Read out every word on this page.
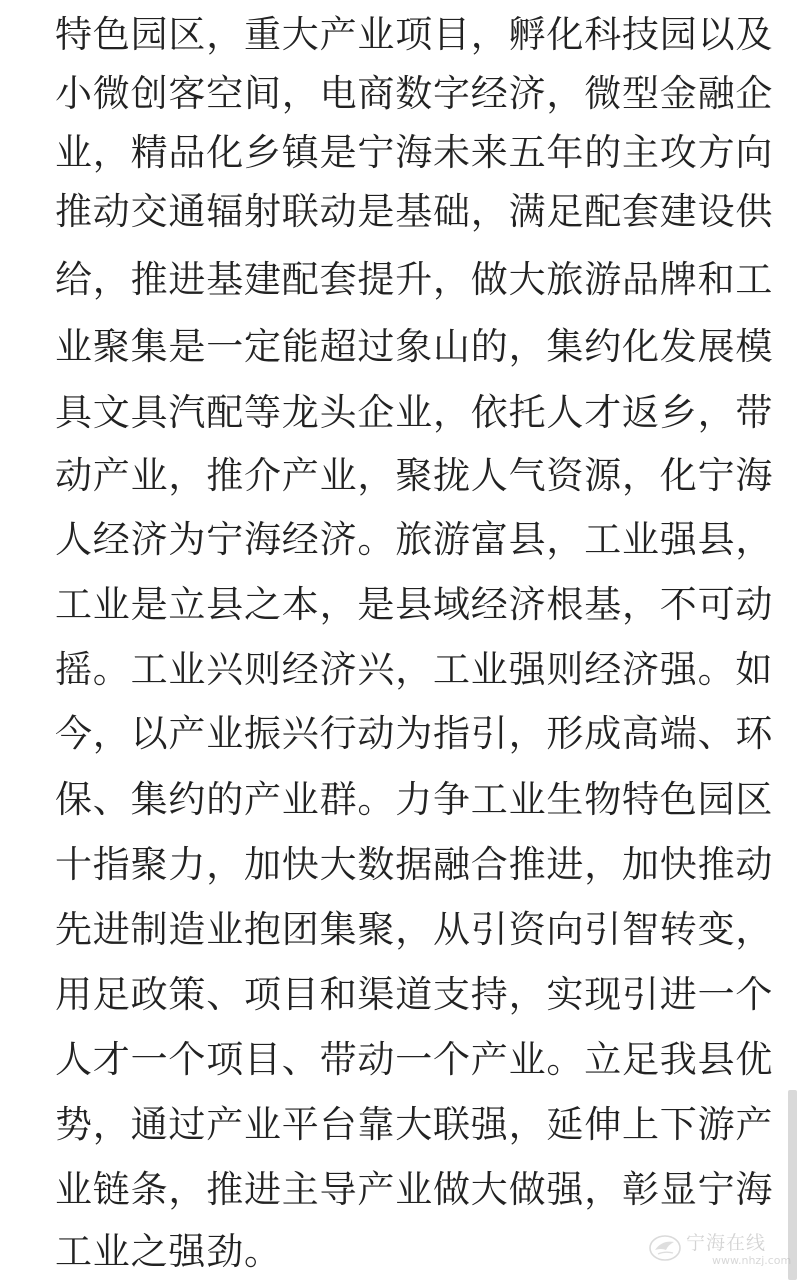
特色园区，重大产业项目，孵化科技园以及
小微创客空间，电商数字经济，微型金融企
业，精品化乡镇是宁海未来五年的主攻方向
推动交通辐射联动是基础，满足配套建设供
给，推进基建配套提升，做大旅游品牌和工
业聚集是一定能超过象山的，集约化发展模
具文具汽配等龙头企业，依托人才返乡，带
动产业，推介产业，聚拢人气资源，化宁海
人经济为宁海经济。旅游富县，工业强县，
工业是立县之本，是县域经济根基，不可动
摇。工业兴则经济兴，工业强则经济强。如
今，以产业振兴行动为指引，形成高端、环
保、集约的产业群。力争工业生物特色园区
十指聚力，加快大数据融合推进，加快推动
先进制造业抱团集聚，从引资向引智转变，
用足政策、项目和渠道支持，实现引进一个
人才一个项目、带动一个产业。立足我县优
势，通过产业平台靠大联强，延伸上下游产
业链条，推进主导产业做大做强，彰显宁海
工业之强劲。	宁海在线
www.nhzj.com
